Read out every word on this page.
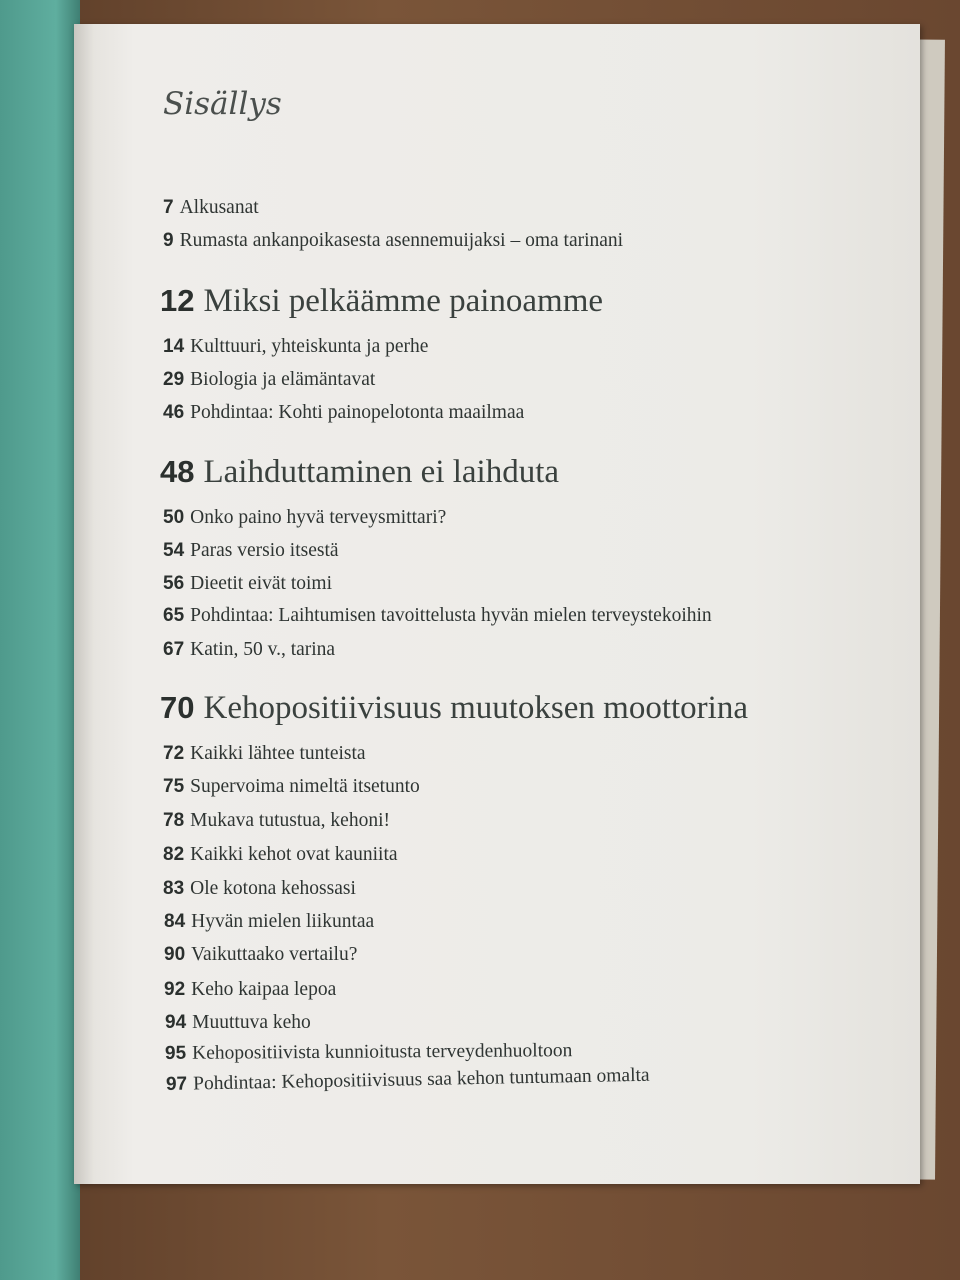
Sisällys
7 Alkusanat
9 Rumasta ankanpoikasesta asennemuijaksi – oma tarinani
12 Miksi pelkäämme painoamme
14 Kulttuuri, yhteiskunta ja perhe
29 Biologia ja elämäntavat
46 Pohdintaa: Kohti painopelotonta maailmaa
48 Laihduttaminen ei laihduta
50 Onko paino hyvä terveysmittari?
54 Paras versio itsestä
56 Dieetit eivät toimi
65 Pohdintaa: Laihtumisen tavoittelusta hyvän mielen terveystekoihin
67 Katin, 50 v., tarina
70 Kehopositiivisuus muutoksen moottorina
72 Kaikki lähtee tunteista
75 Supervoima nimeltä itsetunto
78 Mukava tutustua, kehoni!
82 Kaikki kehot ovat kauniita
83 Ole kotona kehossasi
84 Hyvän mielen liikuntaa
90 Vaikuttaako vertailu?
92 Keho kaipaa lepoa
94 Muuttuva keho
95 Kehopositiivista kunnioitusta terveydenhuoltoon
97 Pohdintaa: Kehopositiivisuus saa kehon tuntumaan omalta
